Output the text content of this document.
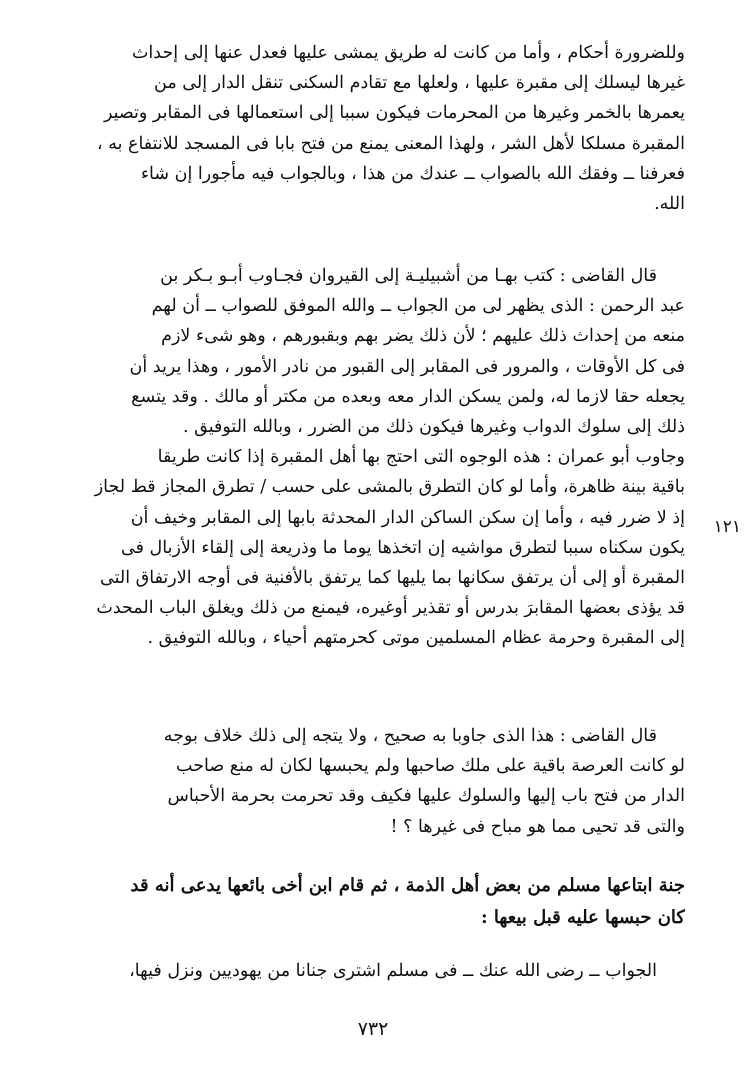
وللضرورة أحكام ، وأما من كانت له طريق يمشى عليها فعدل عنها إلى إحداث
غيرها ليسلك إلى مقبرة عليها ، ولعلها مع تقادم السكنى تنقل الدار إلى من
يعمرها بالخمر وغيرها من المحرمات فيكون سببا إلى استعمالها فى المقابر وتصير
المقبرة مسلكا لأهل الشر ، ولهذا المعنى يمنع من فتح بابا فى المسجد للانتفاع به ،
فعرفنا ــ وفقك الله بالصواب ــ عندك من هذا ، وبالجواب فيه مأجورا إن شاء
الله.
قال القاضى : كتب بهـا من أشبيليـة إلى القيروان فجـاوب أبـو بـكر بن
عبد الرحمن : الذى يظهر لى من الجواب ــ والله الموفق للصواب ــ أن لهم
منعه من إحداث ذلك عليهم ؛ لأن ذلك يضر بهم وبقبورهم ، وهو شىء لازم
فى كل الأوقات ، والمرور فى المقابر إلى القبور من نادر الأمور ، وهذا يريد أن
يجعله حقا لازما له، ولمن يسكن الدار معه وبعده من مكتر أو مالك . وقد يتسع
ذلك إلى سلوك الدواب وغيرها فيكون ذلك من الضرر ، وبالله التوفيق .
وجاوب أبو عمران : هذه الوجوه التى احتج بها أهل المقبرة إذا كانت طريقا
باقية بينة ظاهرة، وأما لو كان التطرق بالمشى على حسب / تطرق المجاز قط لجاز
إذ لا ضرر فيه ، وأما إن سكن الساكن الدار المحدثة بابها إلى المقابر وخيف أن
يكون سكناه سببا لتطرق مواشيه إن اتخذها يوما ما وذريعة إلى إلقاء الأزبال فى
المقبرة أو إلى أن يرتفق سكانها بما يليها كما يرتفق بالأفنية فى أوجه الارتفاق التى
قد يؤذى بعضها المقابرَ بدرس أو تقذير أوغيره، فيمنع من ذلك ويغلق الباب المحدث
إلى المقبرة وحرمة عظام المسلمين موتى كحرمتهم أحياء ، وبالله التوفيق .
١٢١
قال القاضى : هذا الذى جاوبا به صحيح ، ولا يتجه إلى ذلك خلاف بوجه
لو كانت العرصة باقية على ملك صاحبها ولم يحبسها لكان له منع صاحب
الدار من فتح باب إليها والسلوك عليها فكيف وقد تحرمت بحرمة الأحباس
والتى قد تحيى مما هو مباح فى غيرها ؟ !
جنة ابتاعها مسلم من بعض أهل الذمة ، ثم قام ابن أخى بائعها يدعى أنه قد
كان حبسها عليه قبل بيعها :
الجواب ــ رضى الله عنك ــ فى مسلم اشترى جنانا من يهوديين ونزل فيها،
٧٣٢
